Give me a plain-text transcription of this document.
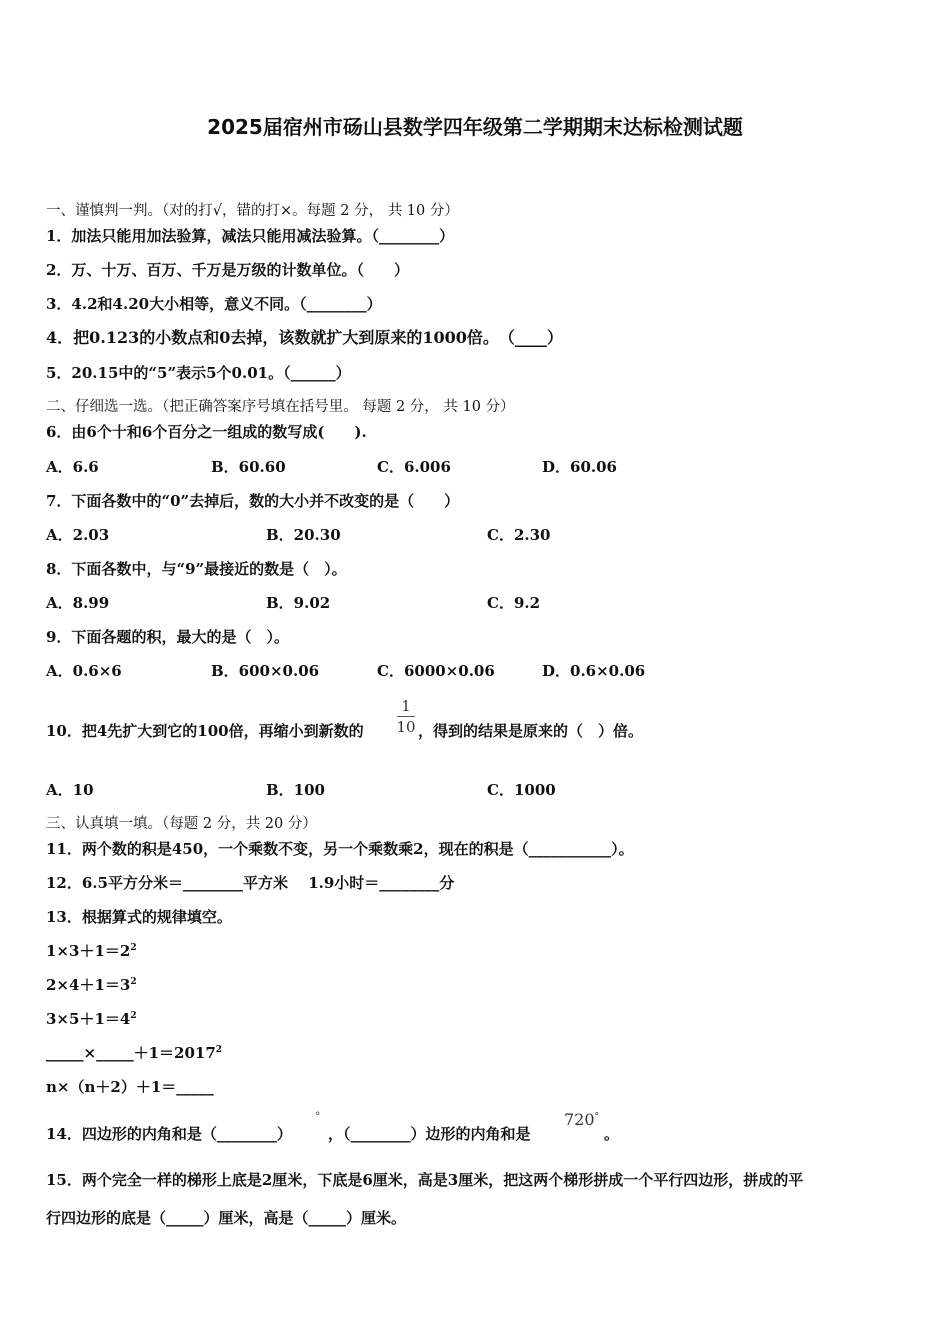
2025届宿州市砀山县数学四年级第二学期期末达标检测试题
一、谨慎判一判。（对的打√，错的打×。每题 2 分， 共 10 分）
1．加法只能用加法验算，减法只能用减法验算。（________）
2．万、十万、百万、千万是万级的计数单位。（　　）
3．4.2和4.20大小相等，意义不同。（________）
4．把0.123的小数点和0去掉，该数就扩大到原来的1000倍。　（____）
5．20.15中的“5”表示5个0.01。（______）
二、仔细选一选。（把正确答案序号填在括号里。 每题 2 分， 共 10 分）
6．由6个十和6个百分之一组成的数写成(　　).
A．6.6	B．60.60	C．6.006	D．60.06
7．下面各数中的“0”去掉后，数的大小并不改变的是（　　）
A．2.03	B．20.30	C．2.30
8．下面各数中，与“9”最接近的数是（　）。
A．8.99	B．9.02	C．9.2
9．下面各题的积，最大的是（　）。
A．0.6×6	B．600×0.06	C．6000×0.06	D．0.6×0.06
10．把4先扩大到它的100倍，再缩小到新数的
1
10 ，得到的结果是原来的（　）倍。
A．10	B．100	C．1000
三、认真填一填。（每题 2 分，共 20 分）
11．两个数的积是450，一个乘数不变，另一个乘数乘2，现在的积是（___________）。
12．6.5平方分米＝________平方米　 1.9小时＝________分
13．根据算式的规律填空。
$1\times 3+1=2^2$
$2\times 4+1=3^2$
$3\times 5+1=4^2$
$\_\_\_\_\_\times\_\_\_\_\_+1=2017^2$
n×（n＋2）＋1＝_____
14．四边形的内角和是（________）
°
，（________）边形的内角和是
720°
。
15．两个完全一样的梯形上底是2厘米，下底是6厘米，高是3厘米，把这两个梯形拼成一个平行四边形，拼成的平
行四边形的底是（_____）厘米，高是（_____）厘米。
